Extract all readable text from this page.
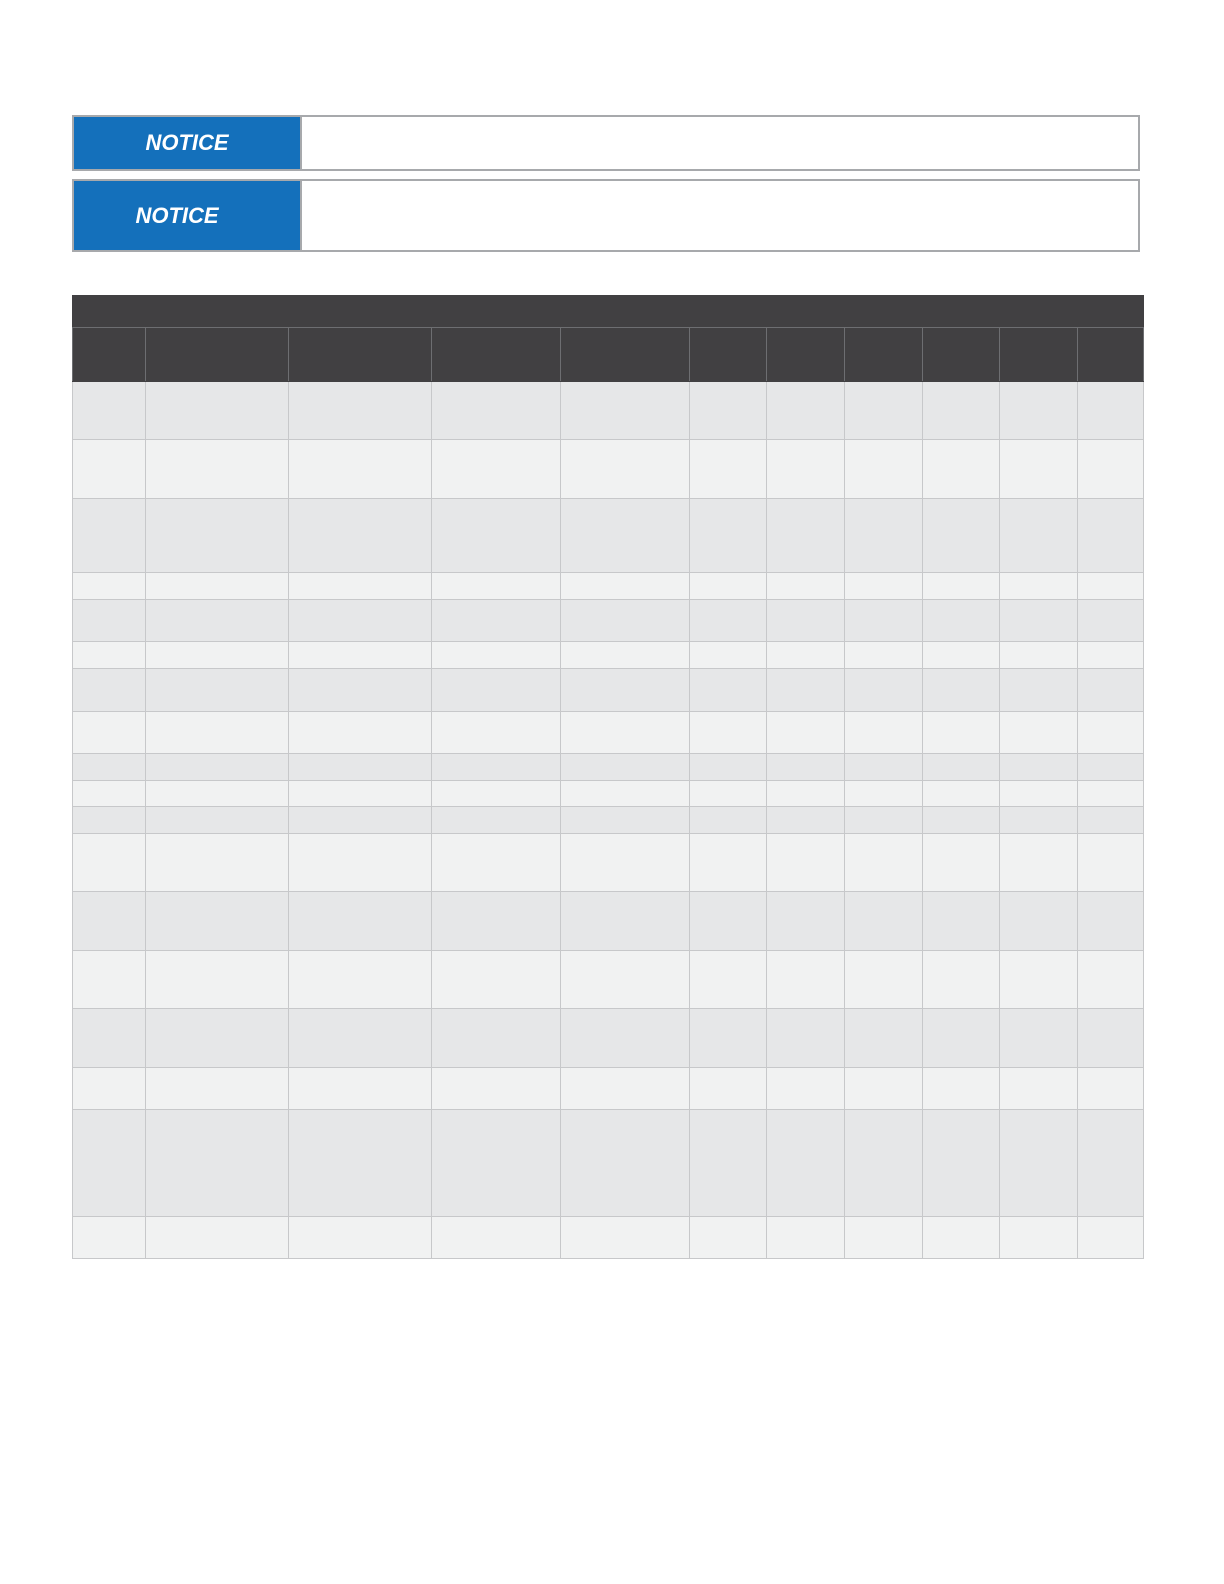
NOTICE
NOTICE
